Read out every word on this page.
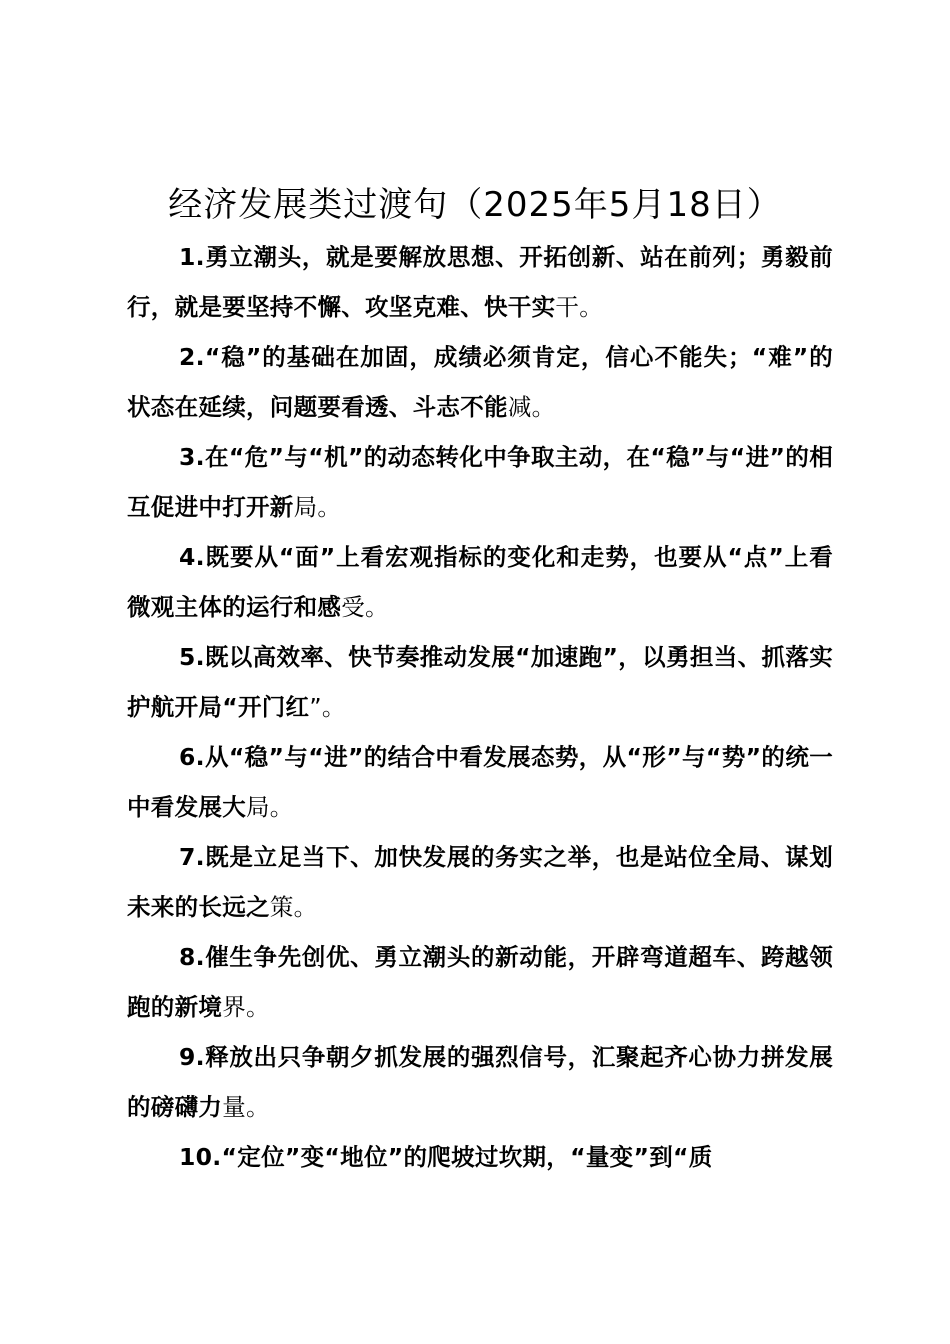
经济发展类过渡句（2025年5月18日）

1.勇立潮头，就是要解放思想、开拓创新、站在前列；勇毅前行，就是要坚持不懈、攻坚克难、快干实干。

2.“稳”的基础在加固，成绩必须肯定，信心不能失；“难”的状态在延续，问题要看透、斗志不能减。

3.在“危”与“机”的动态转化中争取主动，在“稳”与“进”的相互促进中打开新局。

4.既要从“面”上看宏观指标的变化和走势，也要从“点”上看微观主体的运行和感受。

5.既以高效率、快节奏推动发展“加速跑”，以勇担当、抓落实护航开局“开门红”。

6.从“稳”与“进”的结合中看发展态势，从“形”与“势”的统一中看发展大局。

7.既是立足当下、加快发展的务实之举，也是站位全局、谋划未来的长远之策。

8.催生争先创优、勇立潮头的新动能，开辟弯道超车、跨越领跑的新境界。

9.释放出只争朝夕抓发展的强烈信号，汇聚起齐心协力拼发展的磅礴力量。

10.“定位”变“地位”的爬坡过坎期，“量变”到“质
